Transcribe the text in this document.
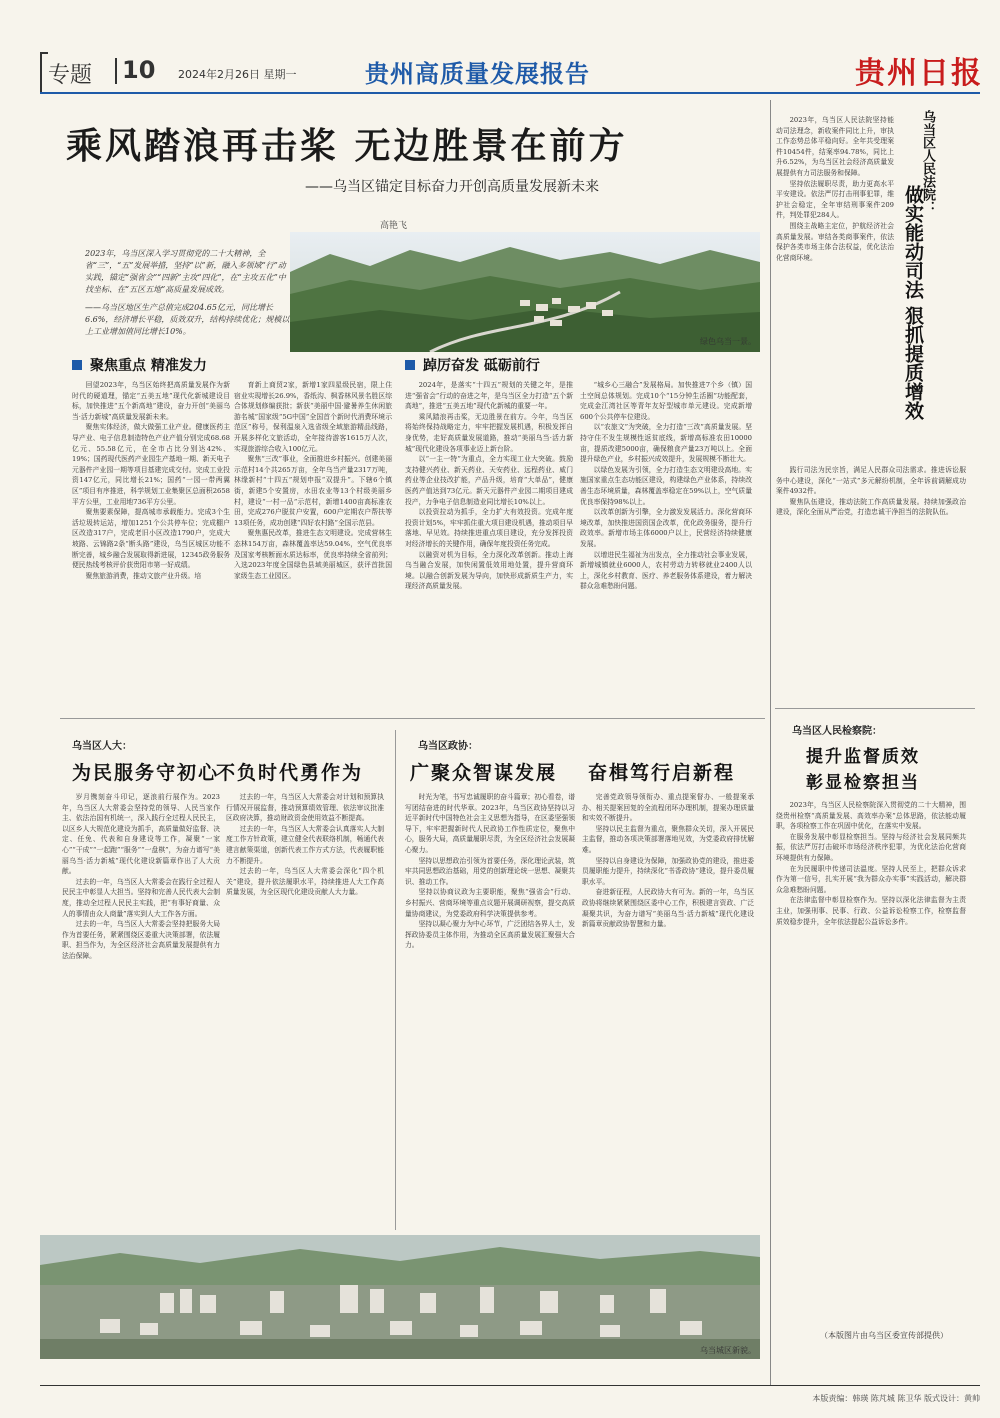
专题 10 2024年2月26日 星期一	贵州高质量发展报告	贵州日报
乘风踏浪再击桨 无边胜景在前方
——乌当区锚定目标奋力开创高质量发展新未来
高艳飞

2023年，乌当区深入学习贯彻党的二十大精神，全省“三”，“五”发展举措，坚持“以”新，融入多领域“行”动实践，锚定“强省会”“四新”主攻“四化”，在“主攻五化”中找坐标、在“五区五地”高质量发展成效。

——乌当区地区生产总值完成204.65亿元，同比增长6.6%，经济增长平稳，质效双升，结构持续优化；规模以上工业增加值同比增长10%。

绿色乌当一景。
聚焦重点 精准发力

回望2023年，乌当区始终把高质量发展作为新时代的硬道理，锚定“五美五地”现代化新城建设目标，加快推进“五个新高地”建设，奋力开创“美丽乌当·活力新城”高质量发展新未来。

聚焦实体经济，做大做强工业产业。健康医药主导产业、电子信息制造特色产业产值分别完成68.68亿元、55.58亿元，在全市占比分别达42%、19%；国药现代医药产业园生产基地一期、新天电子元器件产业园一期等项目基建完成交付。完成工业投资147亿元，同比增长21%；国药“一园一带两翼区”项目有序推进，科学规划工业集聚区总面积2658平方公里，工业用地736平方公里。

聚焦要素保障，提高城市承载能力。完成3个生活垃圾转运站，增加1251个公共停车位；完成棚户区改造317户，完成老旧小区改造1790户，完成大坡路、云锦路2条“断头路”建设，乌当区城区功能不断完善，城乡融合发展取得新进展，12345政务服务便民热线考核评价获贵阳市第一好成绩。

聚焦旅游消费，推动文旅产业升级。培

育新上商贸2家，新增1家四星级民宿，限上住宿业实现增长26.9%，香纸沟、枫香林风景名胜区综合体规划修编获批；新获“美丽中国·避暑养生休闲旅游名城”国家级“5G中国”全国首个新时代消费环境示范区”称号，保利温泉入选省级全域旅游精品线路，开展多样化文旅活动，全年接待游客1615万人次，实现旅游综合收入100亿元。

聚焦“三改”事业，全面推进乡村振兴。创建美丽示范村14个共265万亩，全年乌当产量2317万吨，林缘新村“十四五”规划申报“双提升”。下辖6个镇街，新建5个安置房，水田农业等13个村级美丽乡村，建设“一村一品”示范村，新增1400亩高标准农田，完成276户脱贫户安置，600户定期农户帮扶等13项任务，成功创建“四好农村路”全国示范县。

聚焦惠民改革，推进生态文明建设。完成营林生态林154万亩，森林覆盖率达59.04%，空气优良率及国家考核断面水质达标率，优良率持续全省前列；入选2023年度全国绿色县域美丽城区，获评首批国家级生态工业园区。

踔厉奋发 砥砺前行

2024年，是落实“十四五”规划的关键之年，是推进“强省会”行动的奋进之年，是乌当区全力打造“五个新高地”，推进“五美五地”现代化新城的重要一年。

乘风踏浪再击桨，无边胜景在前方。今年，乌当区将始终保持战略定力，牢牢把握发展机遇，积极发挥自身优势，走好高质量发展道路，推动“美丽乌当·活力新城”现代化建设各项事业迈上新台阶。

以“一主一特”为重点，全力实现工业大突破。鼓励支持健兴药业、新天药业、天安药业、远程药业、威门药业等企业技改扩能，产品升级，培育“大单品”，健康医药产值达到73亿元。新天元器件产业园二期项目建成投产，力争电子信息制造业同比增长10%以上。

以投资拉动为抓手，全力扩大有效投资。完成年度投资计划5%，牢牢抓住重大项目建设机遇，推动项目早落地、早见效。持续推进重点项目建设，充分发挥投资对经济增长的关键作用，确保年度投资任务完成。

以融资对机为目标，全力深化改革创新。推动上海乌当融合发展，加快闲置低效用地处置，提升营商环境。以融合创新发展为导向，加快形成新质生产力，实现经济高质量发展。

“城乡心三融合”发展格局。加快推进7个乡（镇）国土空间总体规划。完成10个“15分钟生活圈”功能配套，完成金江湾社区等青年友好型城市单元建设。完成新增600个公共停车位建设。

以“农旅文”为突破，全力打造“三改”高质量发展。坚持守住不发生规模性返贫底线，新增高标准农田10000亩，提质改建5000亩，确保粮食产量23万吨以上。全面提升绿色产业，乡村振兴成效提升，发展规模不断壮大。

以绿色发展为引领，全力打造生态文明建设高地。实施国家重点生态功能区建设，构建绿色产业体系，持续改善生态环境质量，森林覆盖率稳定在59%以上，空气质量优良率保持98%以上。

以改革创新为引擎，全力激发发展活力。深化营商环境改革，加快推进国资国企改革，优化政务服务，提升行政效率。新增市场主体6000户以上，民营经济持续健康发展。

以增进民生福祉为出发点，全力推动社会事业发展，新增城镇就业6000人，农村劳动力转移就业2400人以上，深化乡村教育、医疗、养老服务体系建设，着力解决群众急难愁盼问题。

乌当区人大：
为民服务守初心
不负时代勇作为

岁月镌刻奋斗印记，逐浪前行展作为。2023年，乌当区人大常委会坚持党的领导、人民当家作主、依法治国有机统一，深入践行全过程人民民主，以区乡人大规范化建设为抓手，高质量做好监督、决定、任免、代表和自身建设等工作，凝聚“一家心”“干成”“一起跑”“服务”“一盘棋”，为奋力谱写“美丽乌当·活力新城”现代化建设新篇章作出了人大贡献。

过去的一年，乌当区人大常委会在践行全过程人民民主中彰显人大担当。坚持和完善人民代表大会制度，推动全过程人民民主实践，把“有事好商量、众人的事情由众人商量”落实到人大工作各方面。

过去的一年，乌当区人大常委会坚持把服务大局作为首要任务，紧紧围绕区委重大决策部署，依法履职、担当作为，为全区经济社会高质量发展提供有力法治保障。

过去的一年，乌当区人大常委会对计划和预算执行情况开展监督，推动预算绩效管理、依法审议批准区政府决算，推动财政资金使用效益不断提高。

过去的一年，乌当区人大常委会认真落实人大制度工作方针政策，建立健全代表联络机制，畅通代表建言献策渠道，创新代表工作方式方法，代表履职能力不断提升。

过去的一年，乌当区人大常委会深化“四个机关”建设，提升依法履职水平，持续推进人大工作高质量发展，为全区现代化建设贡献人大力量。

乌当区政协：
广聚众智谋发展 奋楫笃行启新程

时光为笔，书写忠诚履职的奋斗篇章；初心看卷，谱写团结奋进的时代华章。2023年，乌当区政协坚持以习近平新时代中国特色社会主义思想为指导，在区委坚强领导下，牢牢把握新时代人民政协工作性质定位，聚焦中心，服务大局，高质量履职尽责，为全区经济社会发展凝心聚力。

坚持以思想政治引领为首要任务，深化理论武装，筑牢共同思想政治基础，用党的创新理论统一思想、凝聚共识、推动工作。

坚持以协商议政为主要职能，聚焦“强省会”行动、乡村振兴、营商环境等重点议题开展调研视察，提交高质量协商建议，为党委政府科学决策提供参考。

坚持以凝心聚力为中心环节，广泛团结各界人士，发挥政协委员主体作用，为推动全区高质量发展汇聚强大合力。

完善党政领导领衔办、重点提案督办、一般提案承办、相关提案回复的全流程闭环办理机制，提案办理质量和实效不断提升。

坚持以民主监督为重点，聚焦群众关切，深入开展民主监督，推动各项决策部署落地见效，为党委政府排忧解难。

坚持以自身建设为保障，加强政协党的建设，推进委员履职能力提升，持续深化“书香政协”建设，提升委员履职水平。

奋进新征程，人民政协大有可为。新的一年，乌当区政协将继续紧紧围绕区委中心工作，积极建言资政、广泛凝聚共识，为奋力谱写“美丽乌当·活力新城”现代化建设新篇章贡献政协智慧和力量。

乌当城区新貌。
乌当区人民法院：
做实能动司法 狠抓提质增效

2023年，乌当区人民法院坚持能动司法理念，新收案件同比上升，审执工作态势总体平稳向好。全年共受理案件10454件，结案率94.78%，同比上升6.52%，为乌当区社会经济高质量发展提供有力司法服务和保障。

坚持依法履职尽责，助力更高水平平安建设。依法严厉打击刑事犯罪，维护社会稳定，全年审结刑事案件209件，判处罪犯284人。

围绕主战略主定位，护航经济社会高质量发展。审结各类商事案件，依法保护各类市场主体合法权益，优化法治化营商环境。

践行司法为民宗旨，满足人民群众司法需求。推进诉讼服务中心建设，深化“一站式”多元解纷机制，全年诉前调解成功案件4932件。

聚焦队伍建设，推动法院工作高质量发展。持续加强政治建设，深化全面从严治党，打造忠诚干净担当的法院队伍。

乌当区人民检察院：
提升监督质效
彰显检察担当

2023年，乌当区人民检察院深入贯彻党的二十大精神，围绕贵州检察“高质量发展、高效率办案”总体思路，依法能动履职，各项检察工作在巩固中优化，在落实中发展。

在服务发展中彰显检察担当。坚持与经济社会发展同频共振，依法严厉打击破坏市场经济秩序犯罪，为优化法治化营商环境提供有力保障。

在为民履职中传递司法温度。坚持人民至上，把群众诉求作为第一信号，扎实开展“我为群众办实事”实践活动，解决群众急难愁盼问题。

在法律监督中彰显检察作为。坚持以深化法律监督为主责主业，加强刑事、民事、行政、公益诉讼检察工作，检察监督质效稳步提升，全年依法提起公益诉讼多件。

（本版图片由乌当区委宣传部提供）
本版责编：韩瑛 陈芃城 陈卫华 版式设计：黄帅
